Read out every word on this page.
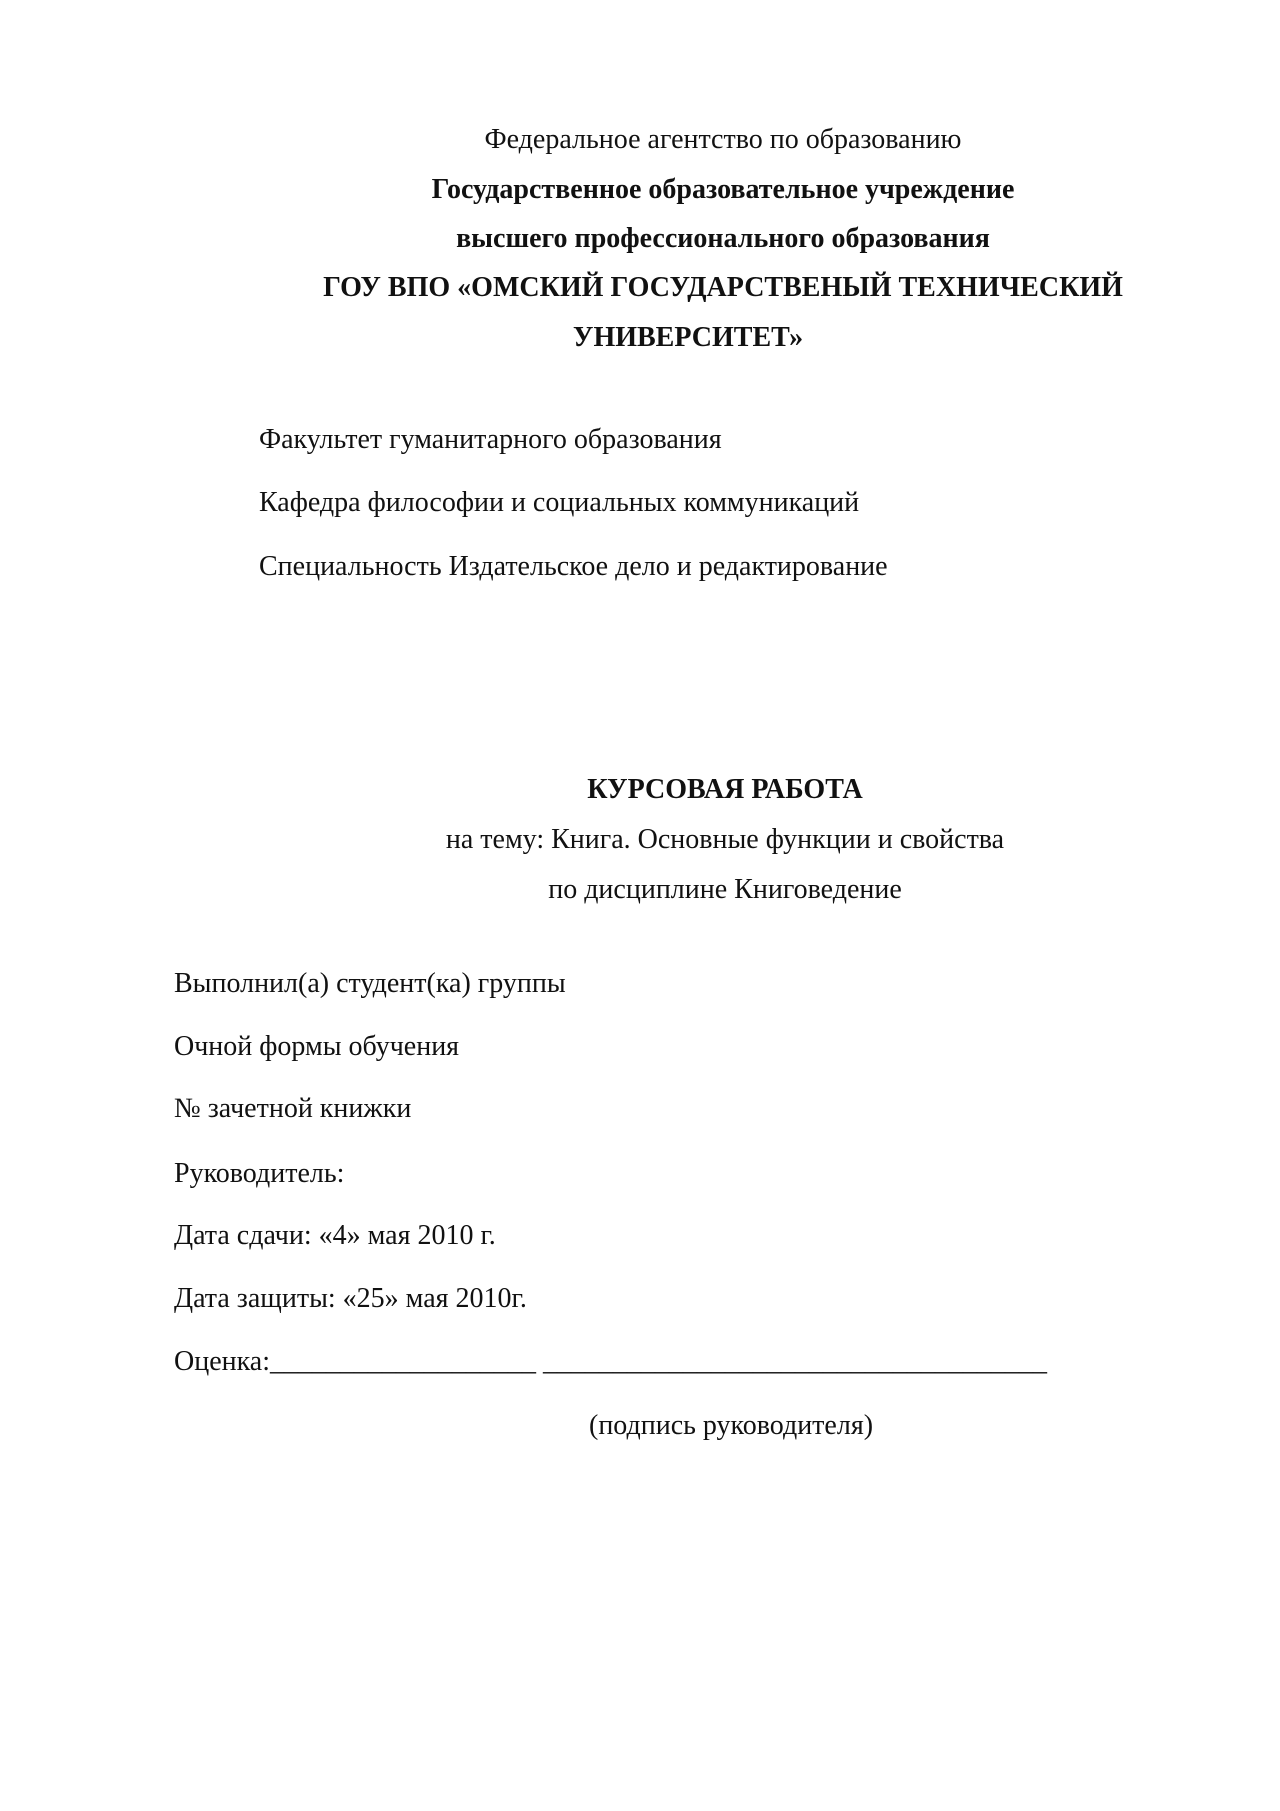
Федеральное агентство по образованию
Государственное образовательное учреждение
высшего профессионального образования
ГОУ ВПО «ОМСКИЙ ГОСУДАРСТВЕНЫЙ ТЕХНИЧЕСКИЙ
УНИВЕРСИТЕТ»
Факультет гуманитарного образования
Кафедра философии и социальных коммуникаций
Специальность Издательское дело и редактирование
КУРСОВАЯ РАБОТА
на тему: Книга. Основные функции и свойства
по дисциплине Книговедение
Выполнил(а) студент(ка) группы
Очной формы обучения
№ зачетной книжки
Руководитель:
Дата сдачи: «4» мая 2010 г.
Дата защиты: «25» мая 2010г.
Оценка:___________________ ____________________________________
(подпись руководителя)
